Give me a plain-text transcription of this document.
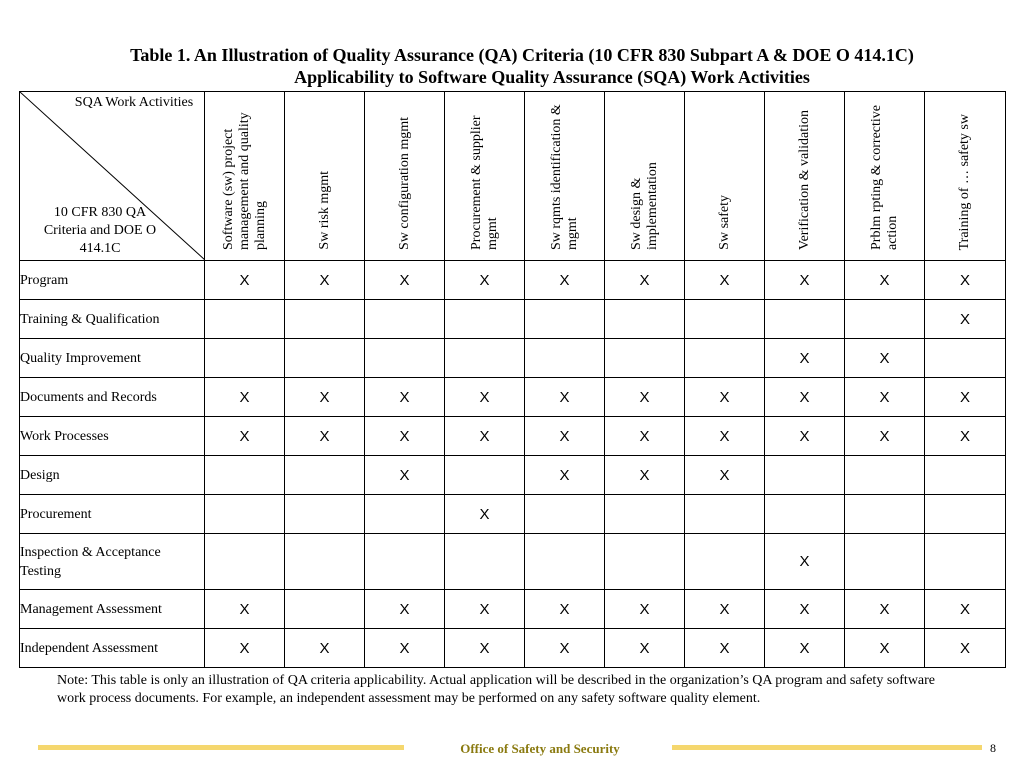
Table 1. An Illustration of Quality Assurance (QA) Criteria (10 CFR 830 Subpart A & DOE O 414.1C)
Applicability to Software Quality Assurance (SQA) Work Activities
SQA Work Activities
10 CFR 830 QA Criteria and DOE O 414.1C	Software (sw) project management and quality planning	Sw risk mgmt	Sw configuration mgmt	Procurement & supplier mgmt	Sw rqmts identification & mgmt	Sw design & implementation	Sw safety	Verification & validation	Prblm rpting & corrective action	Training of … safety sw

Program	X	X	X	X	X	X	X	X	X	X
Training & Qualification										X
Quality Improvement								X	X	
Documents and Records	X	X	X	X	X	X	X	X	X	X
Work Processes	X	X	X	X	X	X	X	X	X	X
Design			X		X	X	X			
Procurement				X						
Inspection & Acceptance Testing								X		
Management Assessment	X		X	X	X	X	X	X	X	X
Independent Assessment	X	X	X	X	X	X	X	X	X	X
Note: This table is only an illustration of QA criteria applicability. Actual application will be described in the organization’s QA program and safety software work process documents. For example, an independent assessment may be performed on any safety software quality element.
Office of Safety and Security	8
